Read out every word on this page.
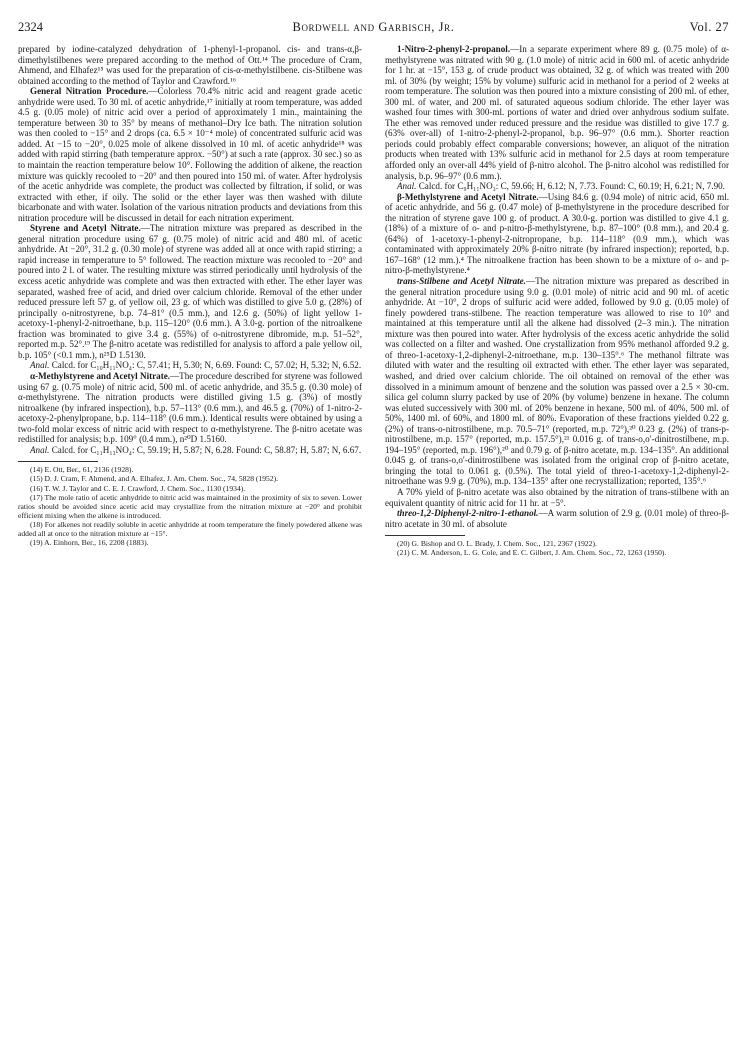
2324	Bordwell and Garbisch, Jr.	Vol. 27

prepared by iodine-catalyzed dehydration of 1-phenyl-1-propanol. cis- and trans-α,β-dimethylstilbenes were prepared according to the method of Ott.¹⁴ The procedure of Cram, Ahmend, and Elhafez¹⁵ was used for the preparation of cis-α-methylstilbene. cis-Stilbene was obtained according to the method of Taylor and Crawford.¹⁶

General Nitration Procedure.—Colorless 70.4% nitric acid and reagent grade acetic anhydride were used. To 30 ml. of acetic anhydride,¹⁷ initially at room temperature, was added 4.5 g. (0.05 mole) of nitric acid over a period of approximately 1 min., maintaining the temperature between 30 to 35° by means of methanol–Dry Ice bath. The nitration solution was then cooled to −15° and 2 drops (ca. 6.5 × 10⁻⁴ mole) of concentrated sulfuric acid was added. At −15 to −20°, 0.025 mole of alkene dissolved in 10 ml. of acetic anhydride¹⁸ was added with rapid stirring (bath temperature approx. −50°) at such a rate (approx. 30 sec.) so as to maintain the reaction temperature below 10°. Following the addition of alkene, the reaction mixture was quickly recooled to −20° and then poured into 150 ml. of water. After hydrolysis of the acetic anhydride was complete, the product was collected by filtration, if solid, or was extracted with ether, if oily. The solid or the ether layer was then washed with dilute bicarbonate and with water. Isolation of the various nitration products and deviations from this nitration procedure will be discussed in detail for each nitration experiment.

Styrene and Acetyl Nitrate.—The nitration mixture was prepared as described in the general nitration procedure using 67 g. (0.75 mole) of nitric acid and 480 ml. of acetic anhydride. At −20°, 31.2 g. (0.30 mole) of styrene was added all at once with rapid stirring; a rapid increase in temperature to 5° followed. The reaction mixture was recooled to −20° and poured into 2 l. of water. The resulting mixture was stirred periodically until hydrolysis of the excess acetic anhydride was complete and was then extracted with ether. The ether layer was separated, washed free of acid, and dried over calcium chloride. Removal of the ether under reduced pressure left 57 g. of yellow oil, 23 g. of which was distilled to give 5.0 g. (28%) of principally o-nitrostyrene, b.p. 74–81° (0.5 mm.), and 12.6 g. (50%) of light yellow 1-acetoxy-1-phenyl-2-nitroethane, b.p. 115–120° (0.6 mm.). A 3.0-g. portion of the nitroalkene fraction was brominated to give 3.4 g. (55%) of o-nitrostyrene dibromide, m.p. 51–52°, reported m.p. 52°.¹⁹ The β-nitro acetate was redistilled for analysis to afford a pale yellow oil, b.p. 105° (<0.1 mm.), n²⁵D 1.5130.

Anal. Calcd. for C₁₀H₁₁NO₄: C, 57.41; H, 5.30; N, 6.69. Found: C, 57.02; H, 5.32; N, 6.52.

α-Methylstyrene and Acetyl Nitrate.—The procedure described for styrene was followed using 67 g. (0.75 mole) of nitric acid, 500 ml. of acetic anhydride, and 35.5 g. (0.30 mole) of α-methylstyrene. The nitration products were distilled giving 1.5 g. (3%) of mostly nitroalkene (by infrared inspection), b.p. 57–113° (0.6 mm.), and 46.5 g. (70%) of 1-nitro-2-acetoxy-2-phenylpropane, b.p. 114–118° (0.6 mm.). Identical results were obtained by using a two-fold molar excess of nitric acid with respect to α-methylstyrene. The β-nitro acetate was redistilled for analysis; b.p. 109° (0.4 mm.), n²⁰D 1.5160.

Anal. Calcd. for C₁₁H₁₃NO₄: C, 59.19; H, 5.87; N, 6.28. Found: C, 58.87; H, 5.87; N, 6.67.

(14) E. Ott, Ber., 61, 2136 (1928).

(15) D. J. Cram, F. Ahmend, and A. Elhafez, J. Am. Chem. Soc., 74, 5828 (1952).

(16) T. W. J. Taylor and C. E. J. Crawford, J. Chem. Soc., 1130 (1934).

(17) The mole ratio of acetic anhydride to nitric acid was maintained in the proximity of six to seven. Lower ratios should be avoided since acetic acid may crystallize from the nitration mixture at −20° and prohibit efficient mixing when the alkene is introduced.

(18) For alkenes not readily soluble in acetic anhydride at room temperature the finely powdered alkene was added all at once to the nitration mixture at −15°.

(19) A. Einhorn, Ber., 16, 2208 (1883).

1-Nitro-2-phenyl-2-propanol.—In a separate experiment where 89 g. (0.75 mole) of α-methylstyrene was nitrated with 90 g. (1.0 mole) of nitric acid in 600 ml. of acetic anhydride for 1 hr. at −15°, 153 g. of crude product was obtained, 32 g. of which was treated with 200 ml. of 30% (by weight; 15% by volume) sulfuric acid in methanol for a period of 2 weeks at room temperature. The solution was then poured into a mixture consisting of 200 ml. of ether, 300 ml. of water, and 200 ml. of saturated aqueous sodium chloride. The ether layer was washed four times with 300-ml. portions of water and dried over anhydrous sodium sulfate. The ether was removed under reduced pressure and the residue was distilled to give 17.7 g. (63% over-all) of 1-nitro-2-phenyl-2-propanol, b.p. 96–97° (0.6 mm.). Shorter reaction periods could probably effect comparable conversions; however, an aliquot of the nitration products when treated with 13% sulfuric acid in methanol for 2.5 days at room temperature afforded only an over-all 44% yield of β-nitro alcohol. The β-nitro alcohol was redistilled for analysis, b.p. 96–97° (0.6 mm.).

Anal. Calcd. for C₉H₁₁NO₃: C, 59.66; H, 6.12; N, 7.73. Found: C, 60.19; H, 6.21; N, 7.90.

β-Methylstyrene and Acetyl Nitrate.—Using 84.6 g. (0.94 mole) of nitric acid, 650 ml. of acetic anhydride, and 56 g. (0.47 mole) of β-methylstyrene in the procedure described for the nitration of styrene gave 100 g. of product. A 30.0-g. portion was distilled to give 4.1 g. (18%) of a mixture of o- and p-nitro-β-methylstyrene, b.p. 87–100° (0.8 mm.), and 20.4 g. (64%) of 1-acetoxy-1-phenyl-2-nitropropane, b.p. 114–118° (0.9 mm.), which was contaminated with approximately 20% β-nitro nitrate (by infrared inspection); reported, b.p. 167–168° (12 mm.).⁴ The nitroalkene fraction has been shown to be a mixture of o- and p-nitro-β-methylstyrene.⁴

trans-Stilbene and Acetyl Nitrate.—The nitration mixture was prepared as described in the general nitration procedure using 9.0 g. (0.01 mole) of nitric acid and 90 ml. of acetic anhydride. At −10°, 2 drops of sulfuric acid were added, followed by 9.0 g. (0.05 mole) of finely powdered trans-stilbene. The reaction temperature was allowed to rise to 10° and maintained at this temperature until all the alkene had dissolved (2–3 min.). The nitration mixture was then poured into water. After hydrolysis of the excess acetic anhydride the solid was collected on a filter and washed. One crystallization from 95% methanol afforded 9.2 g. of threo-1-acetoxy-1,2-diphenyl-2-nitroethane, m.p. 130–135°.⁶ The methanol filtrate was diluted with water and the resulting oil extracted with ether. The ether layer was separated, washed, and dried over calcium chloride. The oil obtained on removal of the ether was dissolved in a minimum amount of benzene and the solution was passed over a 2.5 × 30-cm. silica gel column slurry packed by use of 20% (by volume) benzene in hexane. The column was eluted successively with 300 ml. of 20% benzene in hexane, 500 ml. of 40%, 500 ml. of 50%, 1400 ml. of 60%, and 1800 ml. of 80%. Evaporation of these fractions yielded 0.22 g. (2%) of trans-o-nitrostilbene, m.p. 70.5–71° (reported, m.p. 72°),²⁰ 0.23 g. (2%) of trans-p-nitrostilbene, m.p. 157° (reported, m.p. 157.5°),²¹ 0.016 g. of trans-o,o′-dinitrostilbene, m.p. 194–195° (reported, m.p. 196°),²⁰ and 0.79 g. of β-nitro acetate, m.p. 134–135°. An additional 0.045 g. of trans-o,o′-dinitrostilbene was isolated from the original crop of β-nitro acetate, bringing the total to 0.061 g. (0.5%). The total yield of threo-1-acetoxy-1,2-diphenyl-2-nitroethane was 9.9 g. (70%), m.p. 134–135° after one recrystallization; reported, 135°.⁶

A 70% yield of β-nitro acetate was also obtained by the nitration of trans-stilbene with an equivalent quantity of nitric acid for 11 hr. at −5°.

threo-1,2-Diphenyl-2-nitro-1-ethanol.—A warm solution of 2.9 g. (0.01 mole) of threo-β-nitro acetate in 30 ml. of absolute

(20) G. Bishop and O. L. Brady, J. Chem. Soc., 121, 2367 (1922).

(21) C. M. Anderson, L. G. Cole, and E. C. Gilbert, J. Am. Chem. Soc., 72, 1263 (1950).
